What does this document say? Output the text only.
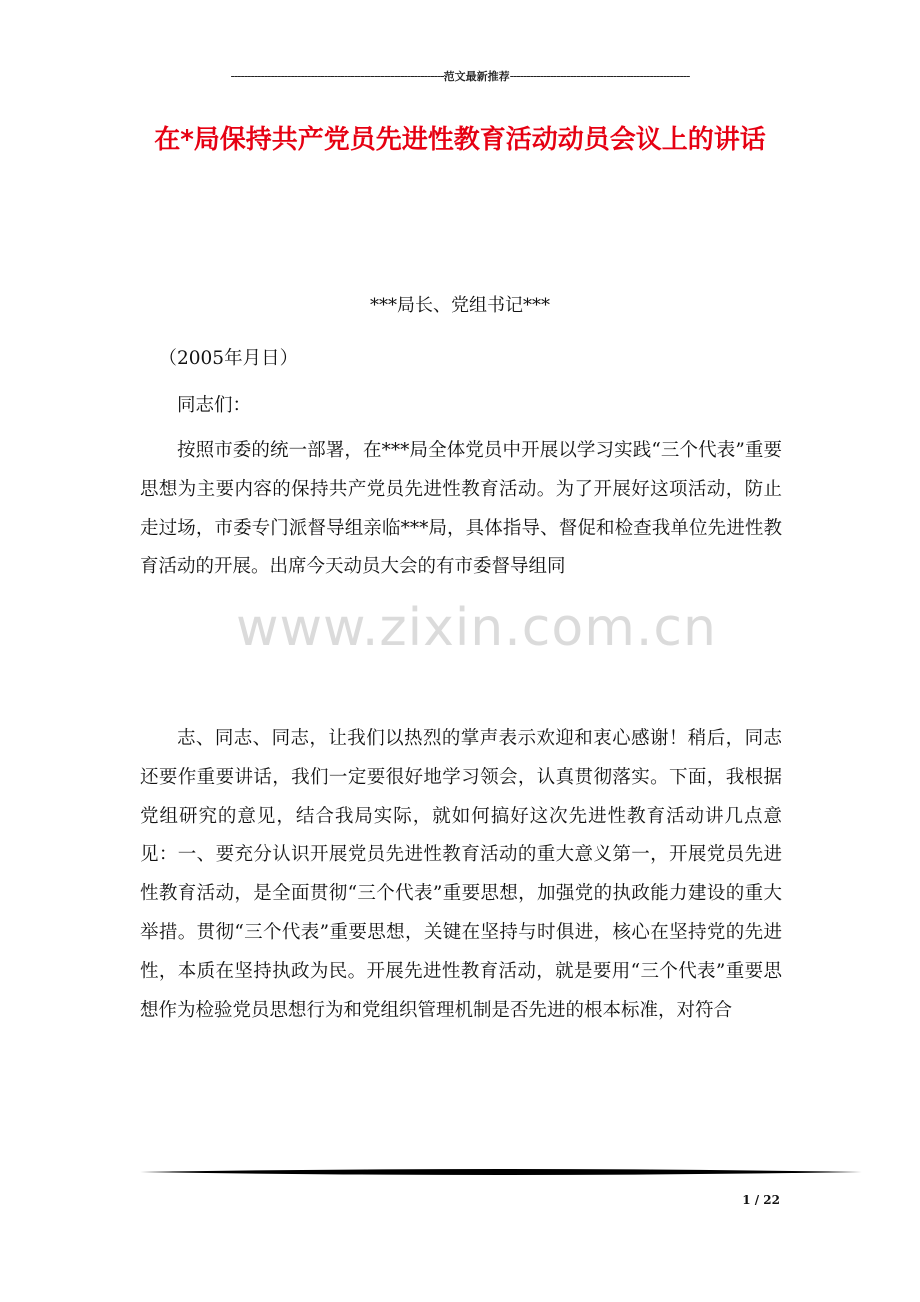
----------------------------------------------------------------范文最新推荐------------------------------------------------------
在*局保持共产党员先进性教育活动动员会议上的讲话
***局长、党组书记***
（2005年月日）
同志们：
按照市委的统一部署，在***局全体党员中开展以学习实践“三个代表”重要思想为主要内容的保持共产党员先进性教育活动。为了开展好这项活动，防止走过场，市委专门派督导组亲临***局，具体指导、督促和检查我单位先进性教育活动的开展。出席今天动员大会的有市委督导组同
www.zixin.com.cn
志、同志、同志，让我们以热烈的掌声表示欢迎和衷心感谢！稍后，同志还要作重要讲话，我们一定要很好地学习领会，认真贯彻落实。下面，我根据党组研究的意见，结合我局实际，就如何搞好这次先进性教育活动讲几点意见：一、要充分认识开展党员先进性教育活动的重大意义第一，开展党员先进性教育活动，是全面贯彻“三个代表”重要思想，加强党的执政能力建设的重大举措。贯彻“三个代表”重要思想，关键在坚持与时俱进，核心在坚持党的先进性，本质在坚持执政为民。开展先进性教育活动，就是要用“三个代表”重要思想作为检验党员思想行为和党组织管理机制是否先进的根本标准，对符合
1 / 22
